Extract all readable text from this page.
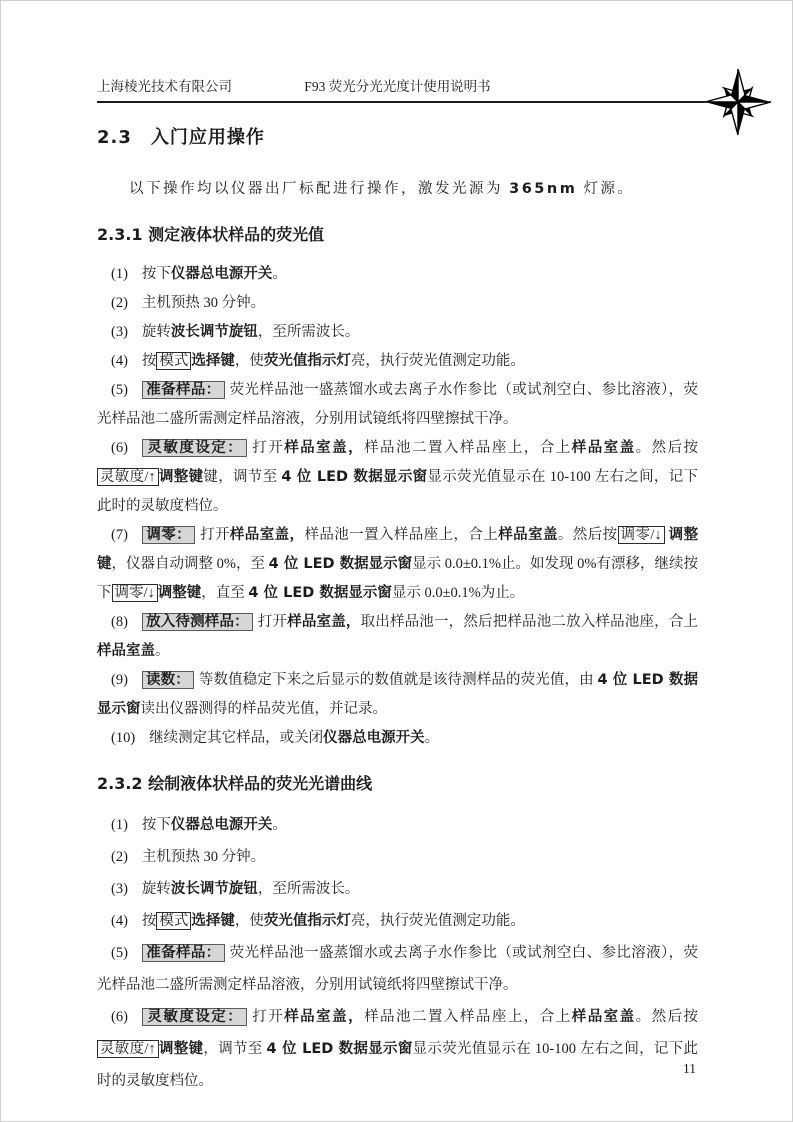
上海棱光技术有限公司	F93 荧光分光光度计使用说明书
2.3　入门应用操作
以下操作均以仪器出厂标配进行操作，激发光源为 365nm 灯源。
2.3.1 测定液体状样品的荧光值
(1) 按下仪器总电源开关。
(2) 主机预热 30 分钟。
(3) 旋转波长调节旋钮，至所需波长。
(4) 按 模式 选择键，使荧光值指示灯亮，执行荧光值测定功能。
(5) 准备样品： 荧光样品池一盛蒸馏水或去离子水作参比（或试剂空白、参比溶液），荧光样品池二盛所需测定样品溶液，分别用试镜纸将四壁擦拭干净。
(6) 灵敏度设定： 打开样品室盖，样品池二置入样品座上，合上样品室盖。然后按灵敏度/↑ 调整键键，调节至 4 位 LED 数据显示窗显示荧光值显示在 10-100 左右之间，记下此时的灵敏度档位。
(7) 调零： 打开样品室盖，样品池一置入样品座上，合上样品室盖。然后按 调零/↓ 调整键，仪器自动调整 0%，至 4 位 LED 数据显示窗显示 0.0±0.1%止。如发现 0%有漂移，继续按下 调零/↓ 调整键，直至 4 位 LED 数据显示窗显示 0.0±0.1%为止。
(8) 放入待测样品： 打开样品室盖，取出样品池一，然后把样品池二放入样品池座，合上样品室盖。
(9) 读数： 等数值稳定下来之后显示的数值就是该待测样品的荧光值，由 4 位 LED 数据显示窗读出仪器测得的样品荧光值，并记录。
(10) 继续测定其它样品，或关闭仪器总电源开关。
2.3.2 绘制液体状样品的荧光光谱曲线
(1) 按下仪器总电源开关。
(2) 主机预热 30 分钟。
(3) 旋转波长调节旋钮，至所需波长。
(4) 按 模式 选择键，使荧光值指示灯亮，执行荧光值测定功能。
(5) 准备样品： 荧光样品池一盛蒸馏水或去离子水作参比（或试剂空白、参比溶液），荧光样品池二盛所需测定样品溶液，分别用试镜纸将四壁擦试干净。
(6) 灵敏度设定： 打开样品室盖，样品池二置入样品座上，合上样品室盖。然后按灵敏度/↑ 调整键，调节至 4 位 LED 数据显示窗显示荧光值显示在 10-100 左右之间，记下此时的灵敏度档位。
11
